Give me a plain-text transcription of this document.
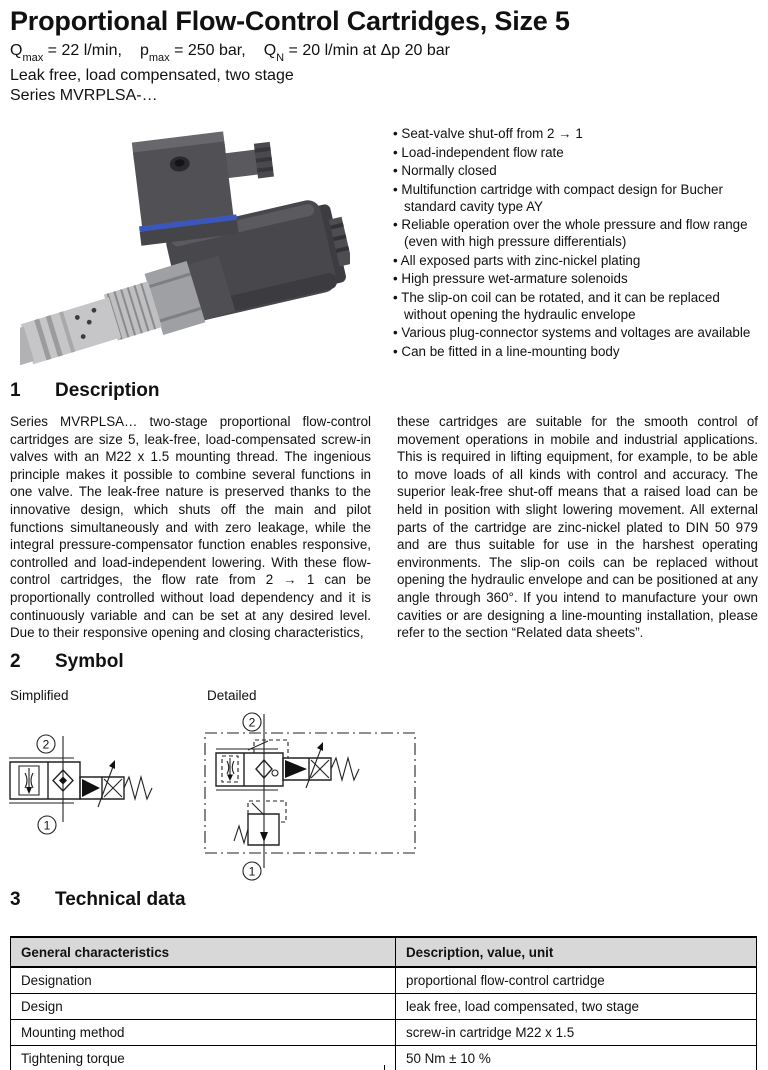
Proportional Flow-Control Cartridges, Size 5
$Q_{max} = 22$ l/min, $p_{max} = 250$ bar, $Q_N = 20$ l/min at Δp 20 bar
Leak free, load compensated, two stage
Series MVRPLSA-…
• Seat-valve shut-off from 2 → 1
• Load-independent flow rate
• Normally closed
• Multifunction cartridge with compact design for Bucher standard cavity type AY
• Reliable operation over the whole pressure and flow range (even with high pressure differentials)
• All exposed parts with zinc-nickel plating
• High pressure wet-armature solenoids
• The slip-on coil can be rotated, and it can be replaced without opening the hydraulic envelope
• Various plug-connector systems and voltages are available
• Can be fitted in a line-mounting body
1 Description
Series MVRPLSA… two-stage proportional flow-control cartridges are size 5, leak-free, load-compensated screw-in valves with an M22 x 1.5 mounting thread. The ingenious principle makes it possible to combine several functions in one valve. The leak-free nature is preserved thanks to the innovative design, which shuts off the main and pilot functions simultaneously and with zero leakage, while the integral pressure-compensator function enables responsive, controlled and load-independent lowering. With these flow-control cartridges, the flow rate from 2 → 1 can be proportionally controlled without load dependency and it is continuously variable and can be set at any desired level. Due to their responsive opening and closing characteristics,
these cartridges are suitable for the smooth control of movement operations in mobile and industrial applications. This is required in lifting equipment, for example, to be able to move loads of all kinds with control and accuracy. The superior leak-free shut-off means that a raised load can be held in position with slight lowering movement. All external parts of the cartridge are zinc-nickel plated to DIN 50 979 and are thus suitable for use in the harshest operating environments. The slip-on coils can be replaced without opening the hydraulic envelope and can be positioned at any angle through 360°. If you intend to manufacture your own cavities or are designing a line-mounting installation, please refer to the section “Related data sheets”.
2 Symbol
Simplified	Detailed
2
1
2
1
3 Technical data
General characteristics	Description, value, unit
Designation	proportional flow-control cartridge
Design	leak free, load compensated, two stage
Mounting method	screw-in cartridge M22 x 1.5
Tightening torque	50 Nm ± 10 %
